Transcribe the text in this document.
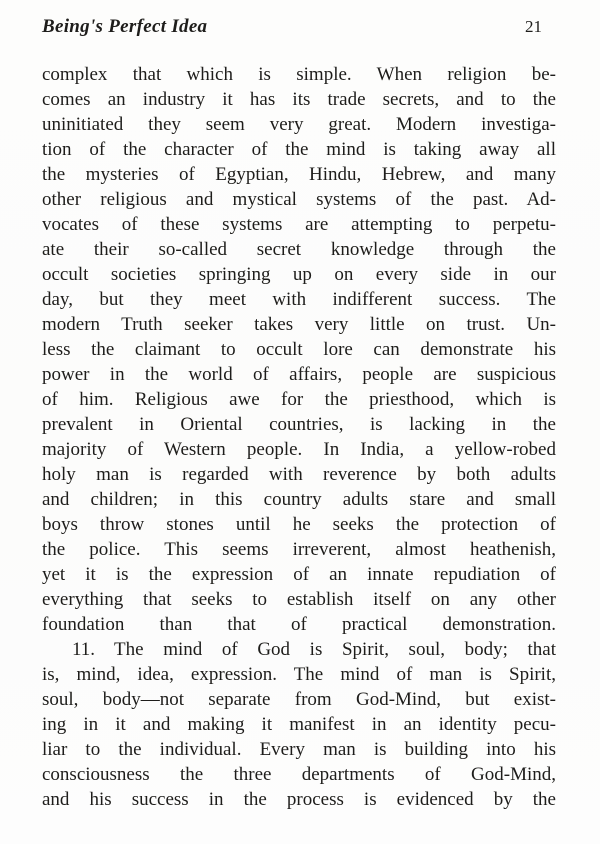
Being's Perfect Idea	21
complex that which is simple. When religion be-
comes an industry it has its trade secrets, and to the
uninitiated they seem very great. Modern investiga-
tion of the character of the mind is taking away all
the mysteries of Egyptian, Hindu, Hebrew, and many
other religious and mystical systems of the past. Ad-
vocates of these systems are attempting to perpetu-
ate their so-called secret knowledge through the
occult societies springing up on every side in our
day, but they meet with indifferent success. The
modern Truth seeker takes very little on trust. Un-
less the claimant to occult lore can demonstrate his
power in the world of affairs, people are suspicious
of him. Religious awe for the priesthood, which is
prevalent in Oriental countries, is lacking in the
majority of Western people. In India, a yellow-robed
holy man is regarded with reverence by both adults
and children; in this country adults stare and small
boys throw stones until he seeks the protection of
the police. This seems irreverent, almost heathenish,
yet it is the expression of an innate repudiation of
everything that seeks to establish itself on any other
foundation than that of practical demonstration.
11. The mind of God is Spirit, soul, body; that
is, mind, idea, expression. The mind of man is Spirit,
soul, body—not separate from God-Mind, but exist-
ing in it and making it manifest in an identity pecu-
liar to the individual. Every man is building into his
consciousness the three departments of God-Mind,
and his success in the process is evidenced by the
